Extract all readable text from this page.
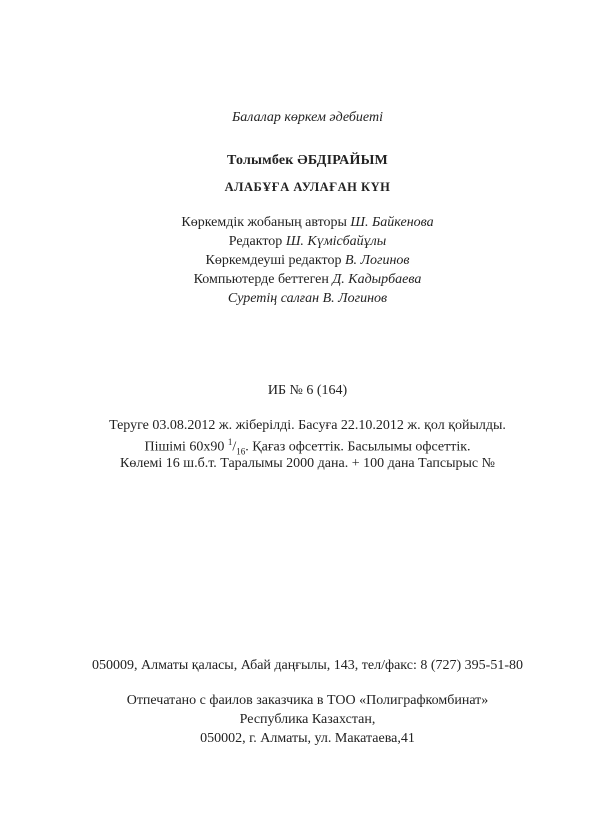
Балалар көркем әдебиеті
Толымбек ӘБДІРАЙЫМ
АЛАБҰҒА АУЛАҒАН КҮН
Көркемдік жобаның авторы Ш. Байкенова
Редактор Ш. Күмісбайұлы
Көркемдеуші редактор В. Логинов
Компьютерде беттеген Д. Кадырбаева
Суретің салған В. Логинов
ИБ № 6 (164)
Теруге 03.08.2012 ж. жіберілді. Басуға 22.10.2012 ж. қол қойылды.
Пішімі 60х90 $^1/_{16}$. Қағаз офсеттік. Басылымы офсеттік.
Көлемі 16 ш.б.т. Таралымы 2000 дана. + 100 дана Тапсырыс №
050009, Алматы қаласы, Абай даңғылы, 143, тел/факс: 8 (727) 395-51-80
Отпечатано с фаилов заказчика в ТОО «Полиграфкомбинат»
Республика Казахстан,
050002, г. Алматы, ул. Макатаева,41
